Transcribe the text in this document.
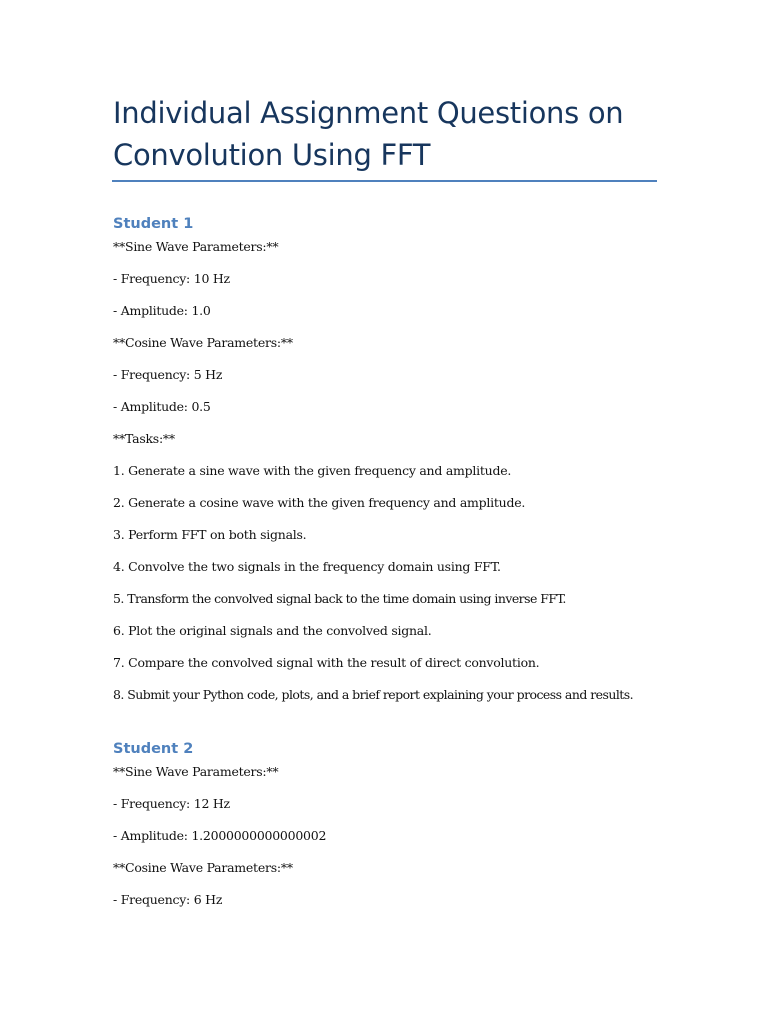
Individual Assignment Questions on Convolution Using FFT
Student 1

**Sine Wave Parameters:**

- Frequency: 10 Hz

- Amplitude: 1.0

**Cosine Wave Parameters:**

- Frequency: 5 Hz

- Amplitude: 0.5

**Tasks:**

1. Generate a sine wave with the given frequency and amplitude.

2. Generate a cosine wave with the given frequency and amplitude.

3. Perform FFT on both signals.

4. Convolve the two signals in the frequency domain using FFT.

5. Transform the convolved signal back to the time domain using inverse FFT.

6. Plot the original signals and the convolved signal.

7. Compare the convolved signal with the result of direct convolution.

8. Submit your Python code, plots, and a brief report explaining your process and results.

Student 2

**Sine Wave Parameters:**

- Frequency: 12 Hz

- Amplitude: 1.2000000000000002

**Cosine Wave Parameters:**

- Frequency: 6 Hz
